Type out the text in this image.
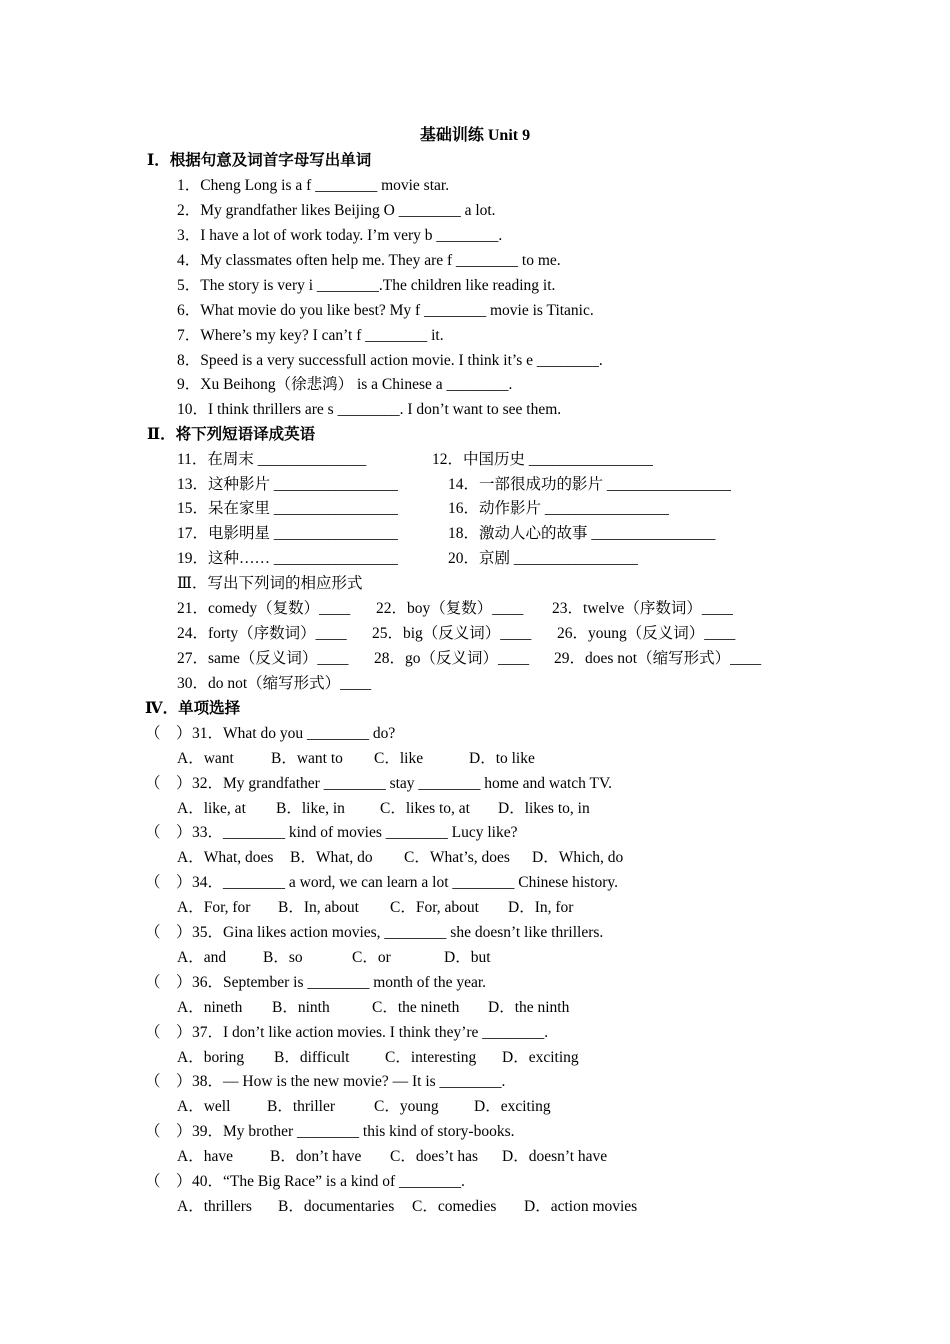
基础训练 Unit 9
Ⅰ．根据句意及词首字母写出单词
1．Cheng Long is a f ________ movie star.
2．My grandfather likes Beijing O ________ a lot.
3．I have a lot of work today. I’m very b ________.
4．My classmates often help me. They are f ________ to me.
5．The story is very i ________.The children like reading it.
6．What movie do you like best? My f ________ movie is Titanic.
7．Where’s my key? I can’t f ________ it.
8．Speed is a very successfull action movie. I think it’s e ________.
9．Xu Beihong（徐悲鸿） is a Chinese a ________.
10．I think thrillers are s ________. I don’t want to see them.
Ⅱ．将下列短语译成英语
11．在周末 ______________	12．中国历史 ________________
13．这种影片 ________________	14．一部很成功的影片 ________________
15．呆在家里 ________________	16．动作影片 ________________
17．电影明星 ________________	18．激动人心的故事 ________________
19．这种…… ________________	20．京剧 ________________
Ⅲ．写出下列词的相应形式
21．comedy（复数）____ 22．boy（复数）____ 23．twelve（序数词）____
24．forty（序数词）____ 25．big（反义词）____ 26．young（反义词）____
27．same（反义词）____ 28．go（反义词）____ 29．does not（缩写形式）____
30．do not（缩写形式）____
Ⅳ．单项选择
（　） 31．What do you ________ do?
A．want B．want to C．like	D．to like
（　） 32．My grandfather ________ stay ________ home and watch TV.
A．like, at B．like, in C．likes to, at D．likes to, in
（　） 33．________ kind of movies ________ Lucy like?
A．What, does B．What, do C．What’s, does D．Which, do
（　） 34．________ a word, we can learn a lot ________ Chinese history.
A．For, for B．In, about C．For, about D．In, for
（　） 35．Gina likes action movies, ________ she doesn’t like thrillers.
A．and B．so	C．or	D．but
（　） 36．September is ________ month of the year.
A．nineth B．ninth	C．the nineth D．the ninth
（　） 37．I don’t like action movies. I think they’re ________.
A．boring B．difficult C．interesting D．exciting
（　） 38．— How is the new movie? — It is ________.
A．well B．thriller	C．young D．exciting
（　） 39．My brother ________ this kind of story-books.
A．have B．don’t have C．does’t has D．doesn’t have
（　） 40．“The Big Race” is a kind of ________.
A．thrillers B．documentaries C．comedies D．action movies
